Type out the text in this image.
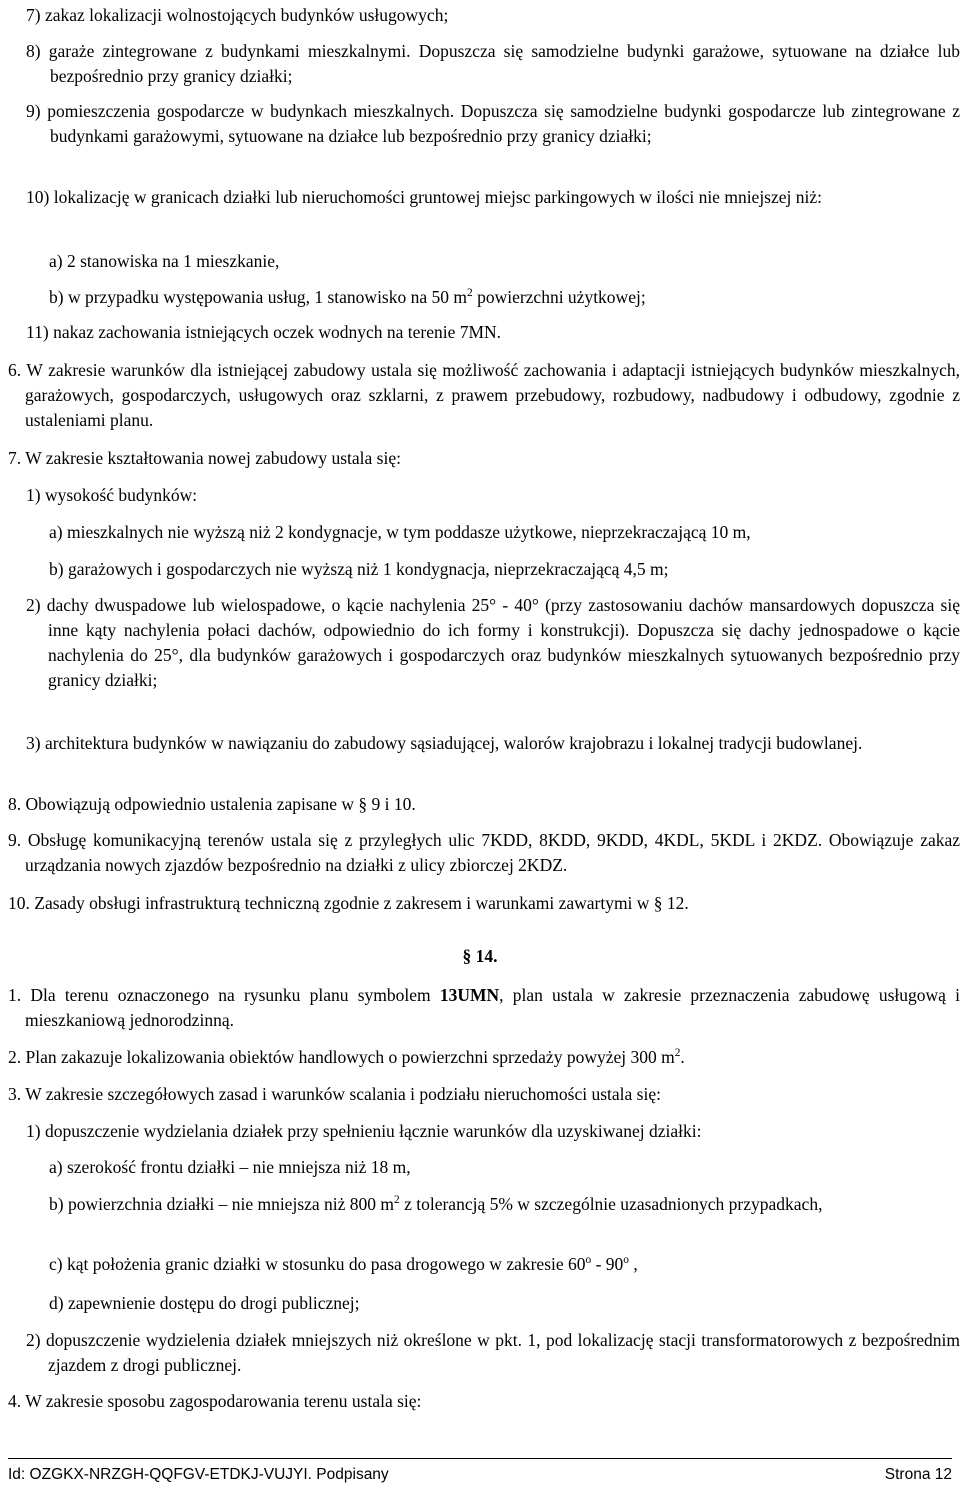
7) zakaz lokalizacji wolnostojących budynków usługowych;
8) garaże zintegrowane z budynkami mieszkalnymi. Dopuszcza się samodzielne budynki garażowe, sytuowane na działce lub bezpośrednio przy granicy działki;
9) pomieszczenia gospodarcze w budynkach mieszkalnych. Dopuszcza się samodzielne budynki gospodarcze lub zintegrowane z budynkami garażowymi, sytuowane na działce lub bezpośrednio przy granicy działki;
10) lokalizację w granicach działki lub nieruchomości gruntowej miejsc parkingowych w ilości nie mniejszej niż:
a) 2 stanowiska na 1 mieszkanie,
b) w przypadku występowania usług, 1 stanowisko na 50 $m^2$ powierzchni użytkowej;
11) nakaz zachowania istniejących oczek wodnych na terenie 7MN.
6. W zakresie warunków dla istniejącej zabudowy ustala się możliwość zachowania i adaptacji istniejących budynków mieszkalnych, garażowych, gospodarczych, usługowych oraz szklarni, z prawem przebudowy, rozbudowy, nadbudowy i odbudowy, zgodnie z ustaleniami planu.
7. W zakresie kształtowania nowej zabudowy ustala się:
1) wysokość budynków:
a) mieszkalnych nie wyższą niż 2 kondygnacje, w tym poddasze użytkowe, nieprzekraczającą 10 m,
b) garażowych i gospodarczych nie wyższą niż 1 kondygnacja, nieprzekraczającą 4,5 m;
2) dachy dwuspadowe lub wielospadowe, o kącie nachylenia 25° - 40° (przy zastosowaniu dachów mansardowych dopuszcza się inne kąty nachylenia połaci dachów, odpowiednio do ich formy i konstrukcji). Dopuszcza się dachy jednospadowe o kącie nachylenia do 25°, dla budynków garażowych i gospodarczych oraz budynków mieszkalnych sytuowanych bezpośrednio przy granicy działki;
3) architektura budynków w nawiązaniu do zabudowy sąsiadującej, walorów krajobrazu i lokalnej tradycji budowlanej.
8. Obowiązują odpowiednio ustalenia zapisane w § 9 i 10.
9. Obsługę komunikacyjną terenów ustala się z przyległych ulic 7KDD, 8KDD, 9KDD, 4KDL, 5KDL i 2KDZ. Obowiązuje zakaz urządzania nowych zjazdów bezpośrednio na działki z ulicy zbiorczej 2KDZ.
10. Zasady obsługi infrastrukturą techniczną zgodnie z zakresem i warunkami zawartymi w § 12.
§ 14.
1. Dla terenu oznaczonego na rysunku planu symbolem 13UMN, plan ustala w zakresie przeznaczenia zabudowę usługową i mieszkaniową jednorodzinną.
2. Plan zakazuje lokalizowania obiektów handlowych o powierzchni sprzedaży powyżej 300 $m^2$.
3. W zakresie szczegółowych zasad i warunków scalania i podziału nieruchomości ustala się:
1) dopuszczenie wydzielania działek przy spełnieniu łącznie warunków dla uzyskiwanej działki:
a) szerokość frontu działki – nie mniejsza niż 18 m,
b) powierzchnia działki – nie mniejsza niż 800 $m^2$ z tolerancją 5% w szczególnie uzasadnionych przypadkach,
c) kąt położenia granic działki w stosunku do pasa drogowego w zakresie 60$^o$ - 90$^o$ ,
d) zapewnienie dostępu do drogi publicznej;
2) dopuszczenie wydzielenia działek mniejszych niż określone w pkt. 1, pod lokalizację stacji transformatorowych z bezpośrednim zjazdem z drogi publicznej.
4. W zakresie sposobu zagospodarowania terenu ustala się:
Id: OZGKX-NRZGH-QQFGV-ETDKJ-VUJYI. Podpisany	Strona 12
